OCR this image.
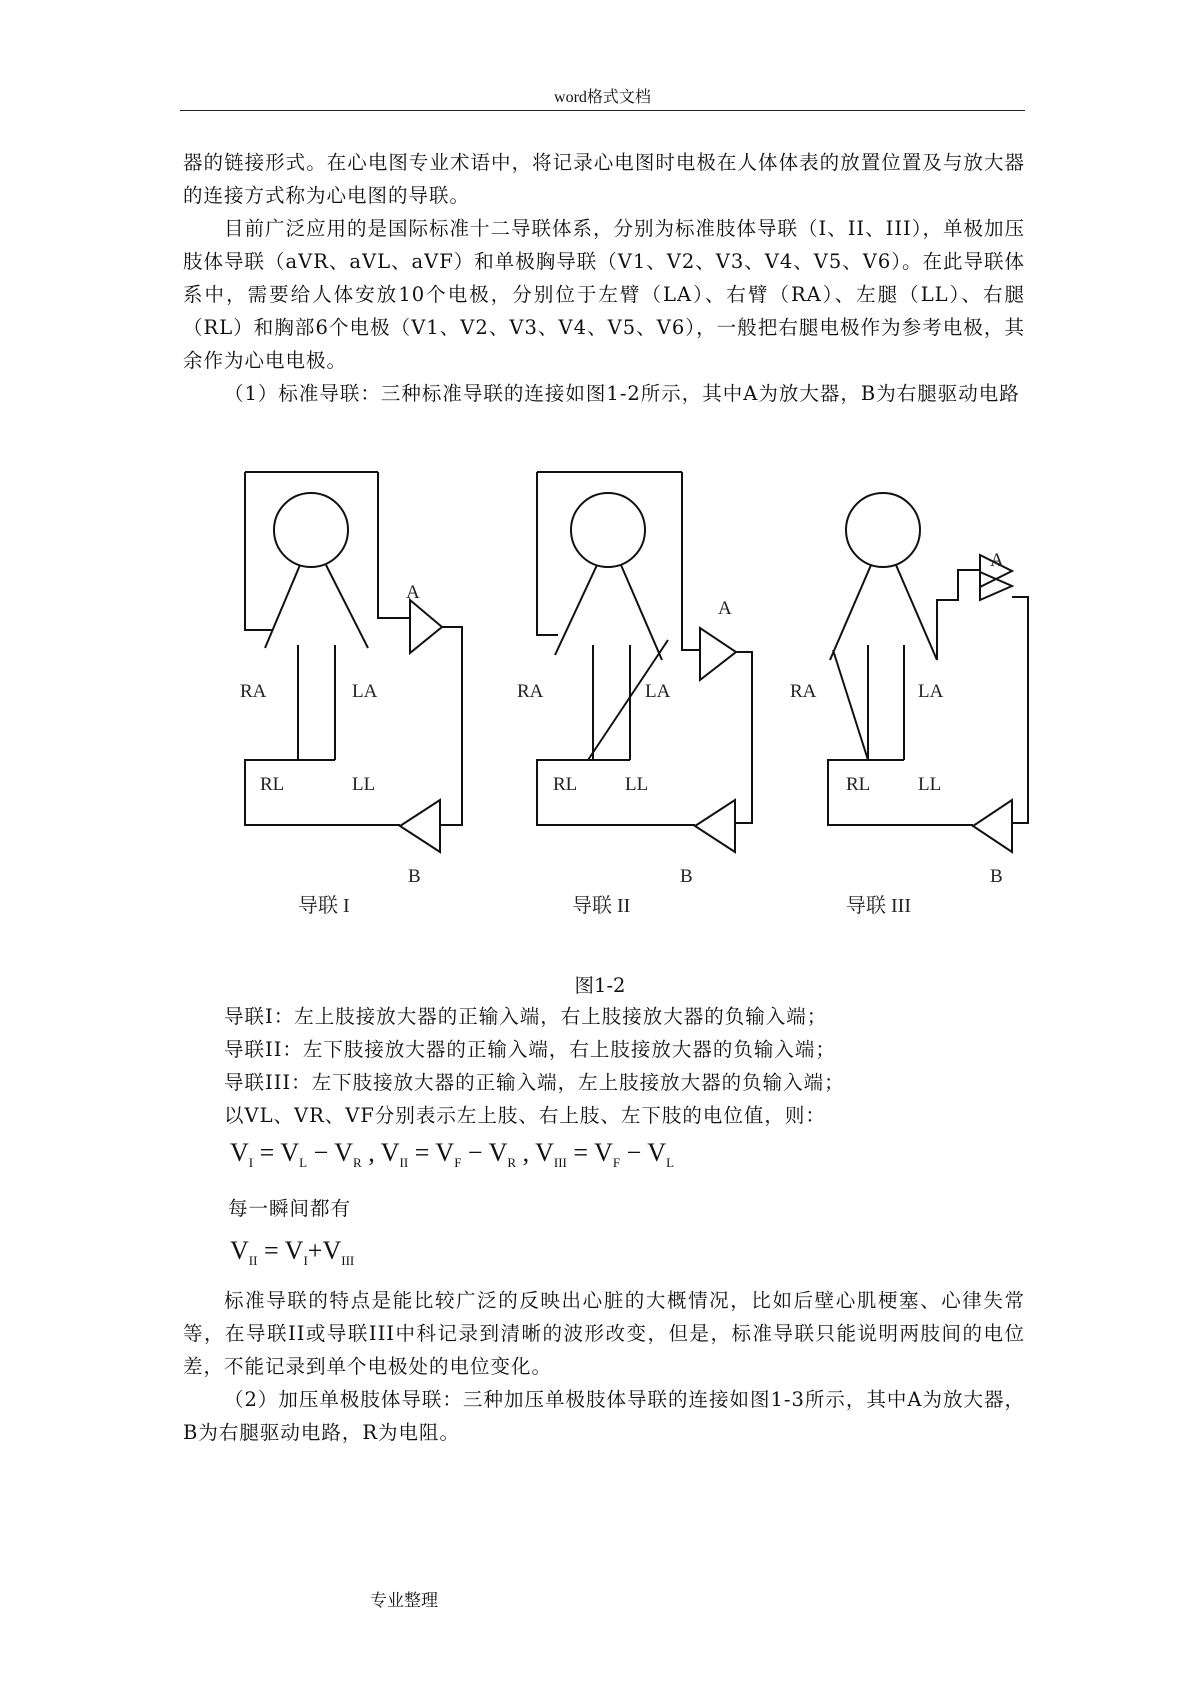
word格式文档

器的链接形式。在心电图专业术语中，将记录心电图时电极在人体体表的放置位置及与放大器的连接方式称为心电图的导联。

目前广泛应用的是国际标准十二导联体系，分别为标准肢体导联（I、II、III），单极加压肢体导联（aVR、aVL、aVF）和单极胸导联（V1、V2、V3、V4、V5、V6）。在此导联体系中，需要给人体安放10个电极，分别位于左臂（LA）、右臂（RA）、左腿（LL）、右腿（RL）和胸部6个电极（V1、V2、V3、V4、V5、V6），一般把右腿电极作为参考电极，其余作为心电电极。

（1）标准导联：三种标准导联的连接如图1-2所示，其中A为放大器，B为右腿驱动电路

RA	LA
RL	LL
A
B
导联 I
RA	LA
RL	LL
A
B
导联 II
RA	LA
RL	LL
A
B
导联 III
图1-2

导联I：左上肢接放大器的正输入端，右上肢接放大器的负输入端；

导联II：左下肢接放大器的正输入端，右上肢接放大器的负输入端；

导联III：左下肢接放大器的正输入端，左上肢接放大器的负输入端；

以VL、VR、VF分别表示左上肢、右上肢、左下肢的电位值，则：

$V_I = V_L - V_R$ , $V_{II} = V_F - V_R$ , $V_{III} = V_F - V_L$
每一瞬间都有
$V_{II} = V_I+V_{III}$

标准导联的特点是能比较广泛的反映出心脏的大概情况，比如后壁心肌梗塞、心律失常等，在导联II或导联III中科记录到清晰的波形改变，但是，标准导联只能说明两肢间的电位差，不能记录到单个电极处的电位变化。

（2）加压单极肢体导联：三种加压单极肢体导联的连接如图1-3所示，其中A为放大器，B为右腿驱动电路，R为电阻。

专业整理
